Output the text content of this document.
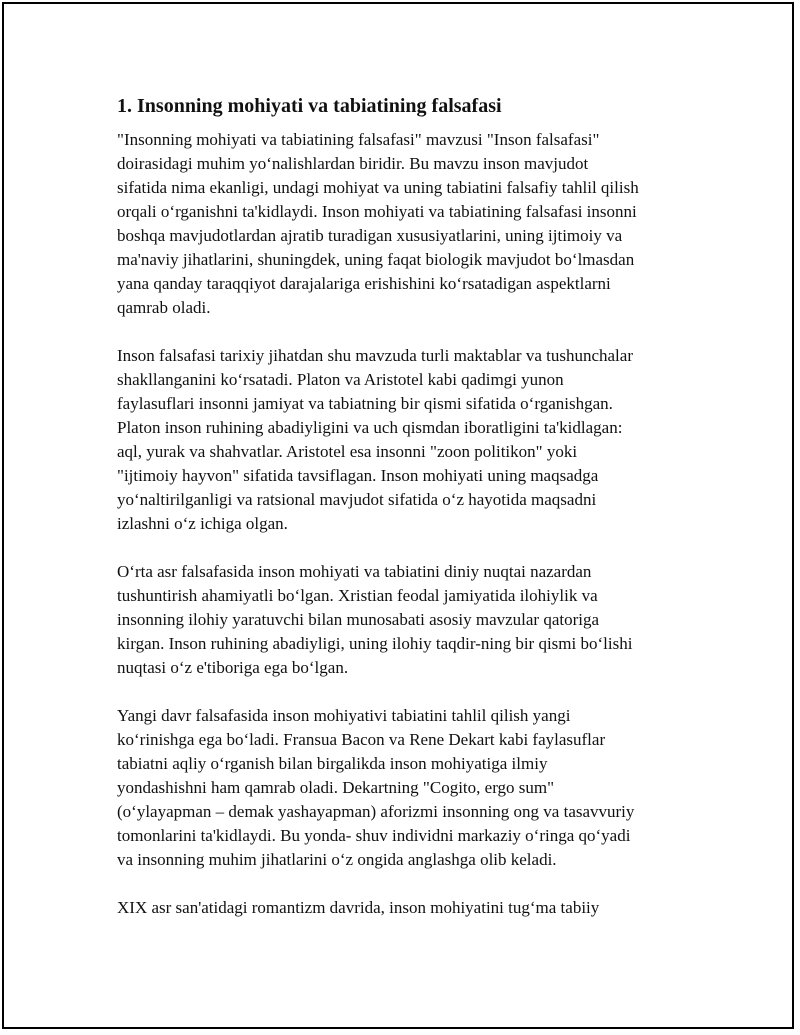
1. Insonning mohiyati va tabiatining falsafasi
"Insonning mohiyati va tabiatining falsafasi" mavzusi "Inson falsafasi"
doirasidagi muhim yo‘nalishlardan biridir. Bu mavzu inson mavjudot
sifatida nima ekanligi, undagi mohiyat va uning tabiatini falsafiy tahlil qilish
orqali o‘rganishni ta'kidlaydi. Inson mohiyati va tabiatining falsafasi insonni
boshqa mavjudotlardan ajratib turadigan xususiyatlarini, uning ijtimoiy va
ma'naviy jihatlarini, shuningdek, uning faqat biologik mavjudot bo‘lmasdan
yana qanday taraqqiyot darajalariga erishishini ko‘rsatadigan aspektlarni
qamrab oladi.
Inson falsafasi tarixiy jihatdan shu mavzuda turli maktablar va tushunchalar
shakllanganini ko‘rsatadi. Platon va Aristotel kabi qadimgi yunon
faylasuflari insonni jamiyat va tabiatning bir qismi sifatida o‘rganishgan.
Platon inson ruhining abadiyligini va uch qismdan iboratligini ta'kidlagan:
aql, yurak va shahvatlar. Aristotel esa insonni "zoon politikon" yoki
"ijtimoiy hayvon" sifatida tavsiflagan. Inson mohiyati uning maqsadga
yo‘naltirilganligi va ratsional mavjudot sifatida o‘z hayotida maqsadni
izlashni o‘z ichiga olgan.
O‘rta asr falsafasida inson mohiyati va tabiatini diniy nuqtai nazardan
tushuntirish ahamiyatli bo‘lgan. Xristian feodal jamiyatida ilohiylik va
insonning ilohiy yaratuvchi bilan munosabati asosiy mavzular qatoriga
kirgan. Inson ruhining abadiyligi, uning ilohiy taqdir-ning bir qismi bo‘lishi
nuqtasi o‘z e'tiboriga ega bo‘lgan.
Yangi davr falsafasida inson mohiyativi tabiatini tahlil qilish yangi
ko‘rinishga ega bo‘ladi. Fransua Bacon va Rene Dekart kabi faylasuflar
tabiatni aqliy o‘rganish bilan birgalikda inson mohiyatiga ilmiy
yondashishni ham qamrab oladi. Dekartning "Cogito, ergo sum"
(o‘ylayapman – demak yashayapman) aforizmi insonning ong va tasavvuriy
tomonlarini ta'kidlaydi. Bu yonda- shuv individni markaziy o‘ringa qo‘yadi
va insonning muhim jihatlarini o‘z ongida anglashga olib keladi.
XIX asr san'atidagi romantizm davrida, inson mohiyatini tug‘ma tabiiy
